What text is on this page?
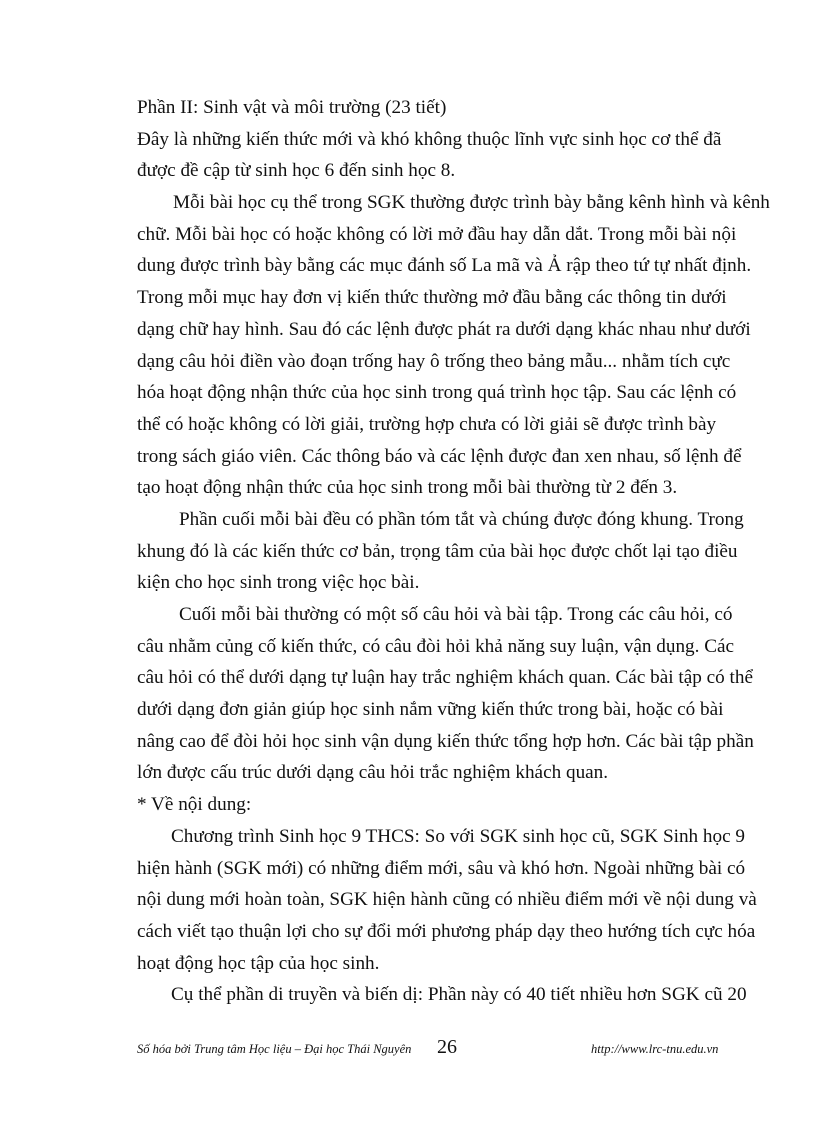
Phần II: Sinh vật và môi trường (23 tiết)
Đây là những kiến thức mới và khó không thuộc lĩnh vực sinh học cơ thể đã
được đề cập từ sinh học 6 đến sinh học 8.
Mỗi bài học cụ thể trong SGK thường được trình bày bằng kênh hình và kênh
chữ. Mỗi bài học có hoặc không có lời mở đầu hay dẫn dắt. Trong mỗi bài nội
dung được trình bày bằng các mục đánh số La mã và Ả rập theo tứ tự nhất định.
Trong mỗi mục hay đơn vị kiến thức thường mở đầu bằng các thông tin dưới
dạng chữ hay hình. Sau đó các lệnh được phát ra dưới dạng khác nhau như dưới
dạng câu hỏi điền vào đoạn trống hay ô trống theo bảng mẫu... nhằm tích cực
hóa hoạt động nhận thức của học sinh trong quá trình học tập. Sau các lệnh có
thể có hoặc không có lời giải, trường hợp chưa có lời giải sẽ được trình bày
trong sách giáo viên. Các thông báo và các lệnh được đan xen nhau, số lệnh để
tạo hoạt động nhận thức của học sinh trong mỗi bài thường từ 2 đến 3.
Phần cuối mỗi bài đều có phần tóm tắt và chúng được đóng khung. Trong
khung đó là các kiến thức cơ bản, trọng tâm của bài học được chốt lại tạo điều
kiện cho học sinh trong việc học bài.
Cuối mỗi bài thường có một số câu hỏi và bài tập. Trong các câu hỏi, có
câu nhằm củng cố kiến thức, có câu đòi hỏi khả năng suy luận, vận dụng. Các
câu hỏi có thể dưới dạng tự luận hay trắc nghiệm khách quan. Các bài tập có thể
dưới dạng đơn giản giúp học sinh nắm vững kiến thức trong bài, hoặc có bài
nâng cao để đòi hỏi học sinh vận dụng kiến thức tổng hợp hơn. Các bài tập phần
lớn được cấu trúc dưới dạng câu hỏi trắc nghiệm khách quan.
* Về nội dung:
Chương trình Sinh học 9 THCS: So với SGK sinh học cũ, SGK Sinh học 9
hiện hành (SGK mới) có những điểm mới, sâu và khó hơn. Ngoài những bài có
nội dung mới hoàn toàn, SGK hiện hành cũng có nhiều điểm mới về nội dung và
cách viết tạo thuận lợi cho sự đổi mới phương pháp dạy theo hướng tích cực hóa
hoạt động học tập của học sinh.
Cụ thể phần di truyền và biến dị: Phần này có 40 tiết nhiều hơn SGK cũ 20
Số hóa bởi Trung tâm Học liệu – Đại học Thái Nguyên 26	http://www.lrc-tnu.edu.vn
